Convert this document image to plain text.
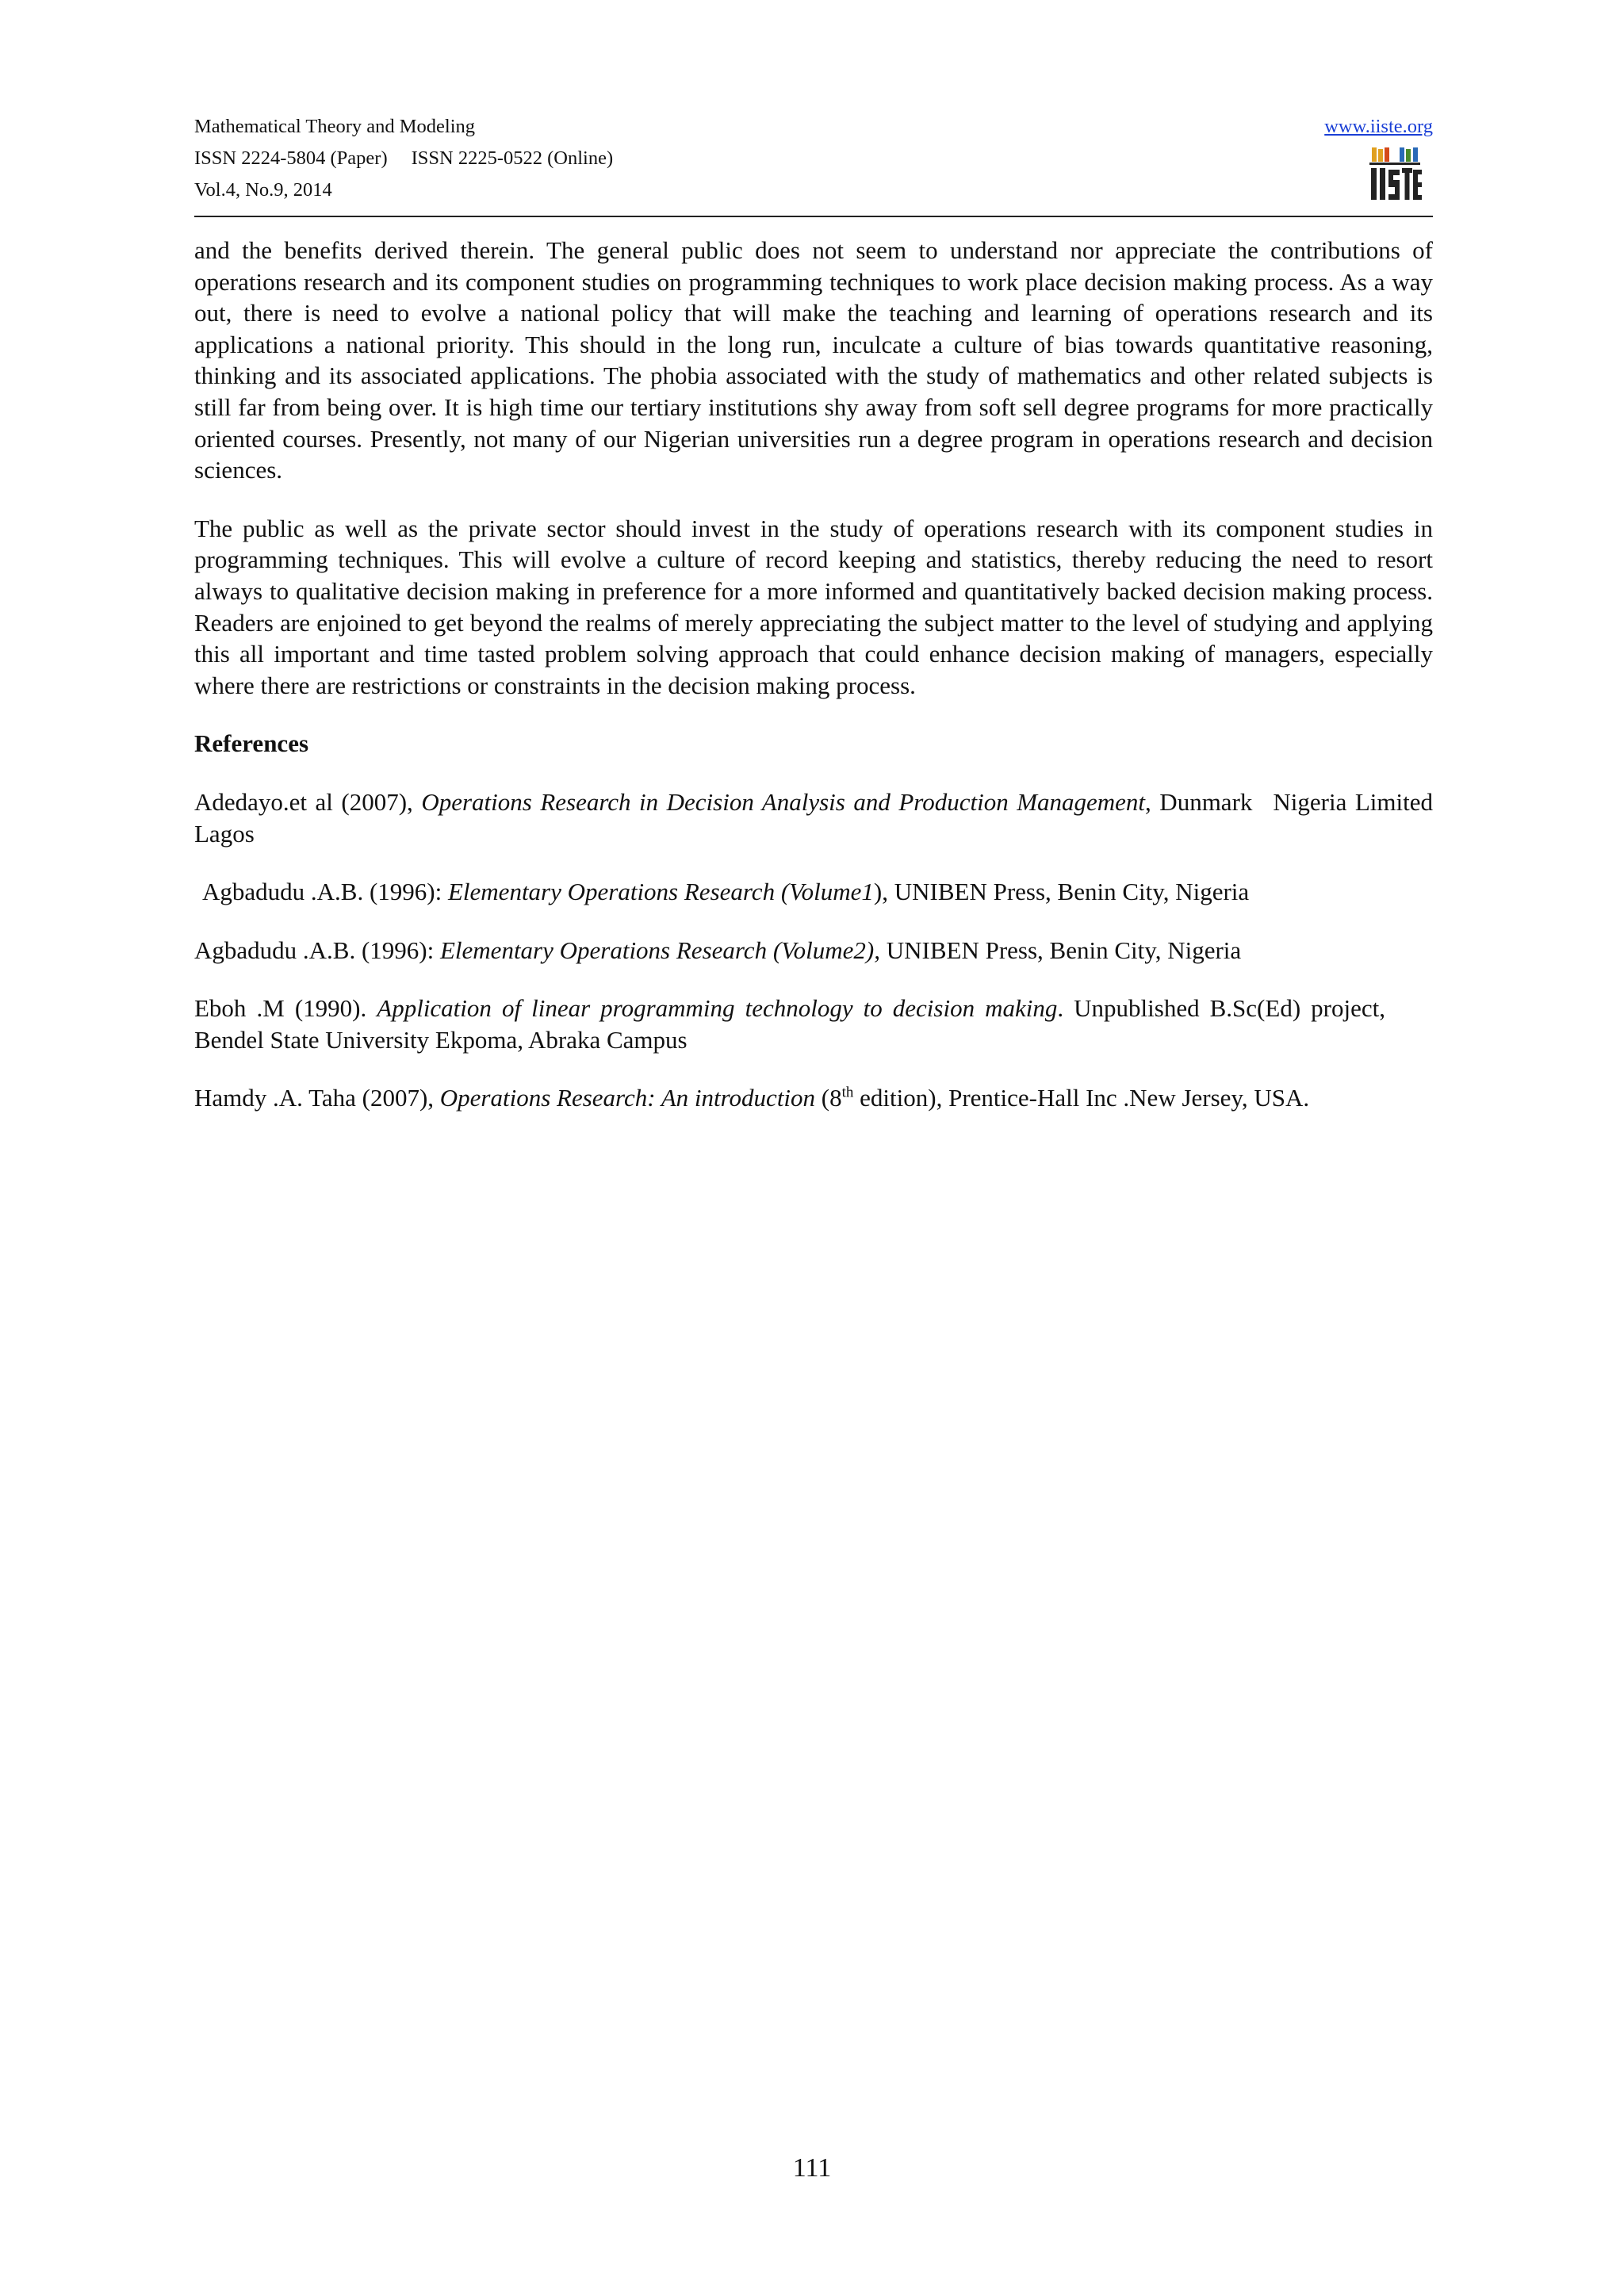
Mathematical Theory and Modeling
ISSN 2224-5804 (Paper) ISSN 2225-0522 (Online)
Vol.4, No.9, 2014
www.iiste.org

and the benefits derived therein. The general public does not seem to understand nor appreciate the contributions of operations research and its component studies on programming techniques to work place decision making process. As a way out, there is need to evolve a national policy that will make the teaching and learning of operations research and its applications a national priority. This should in the long run, inculcate a culture of bias towards quantitative reasoning, thinking and its associated applications. The phobia associated with the study of mathematics and other related subjects is still far from being over. It is high time our tertiary institutions shy away from soft sell degree programs for more practically oriented courses. Presently, not many of our Nigerian universities run a degree program in operations research and decision sciences.

The public as well as the private sector should invest in the study of operations research with its component studies in programming techniques. This will evolve a culture of record keeping and statistics, thereby reducing the need to resort always to qualitative decision making in preference for a more informed and quantitatively backed decision making process. Readers are enjoined to get beyond the realms of merely appreciating the subject matter to the level of studying and applying this all important and time tasted problem solving approach that could enhance decision making of managers, especially where there are restrictions or constraints in the decision making process.

References
Adedayo.et al (2007), Operations Research in Decision Analysis and Production Management, Dunmark Nigeria Limited Lagos
Agbadudu .A.B. (1996): Elementary Operations Research (Volume1), UNIBEN Press, Benin City, Nigeria
Agbadudu .A.B. (1996): Elementary Operations Research (Volume2), UNIBEN Press, Benin City, Nigeria
Eboh .M (1990). Application of linear programming technology to decision making. Unpublished B.Sc(Ed) project,Bendel State University Ekpoma, Abraka Campus
Hamdy .A. Taha (2007), Operations Research: An introduction (8th edition), Prentice-Hall Inc .New Jersey, USA.
111
